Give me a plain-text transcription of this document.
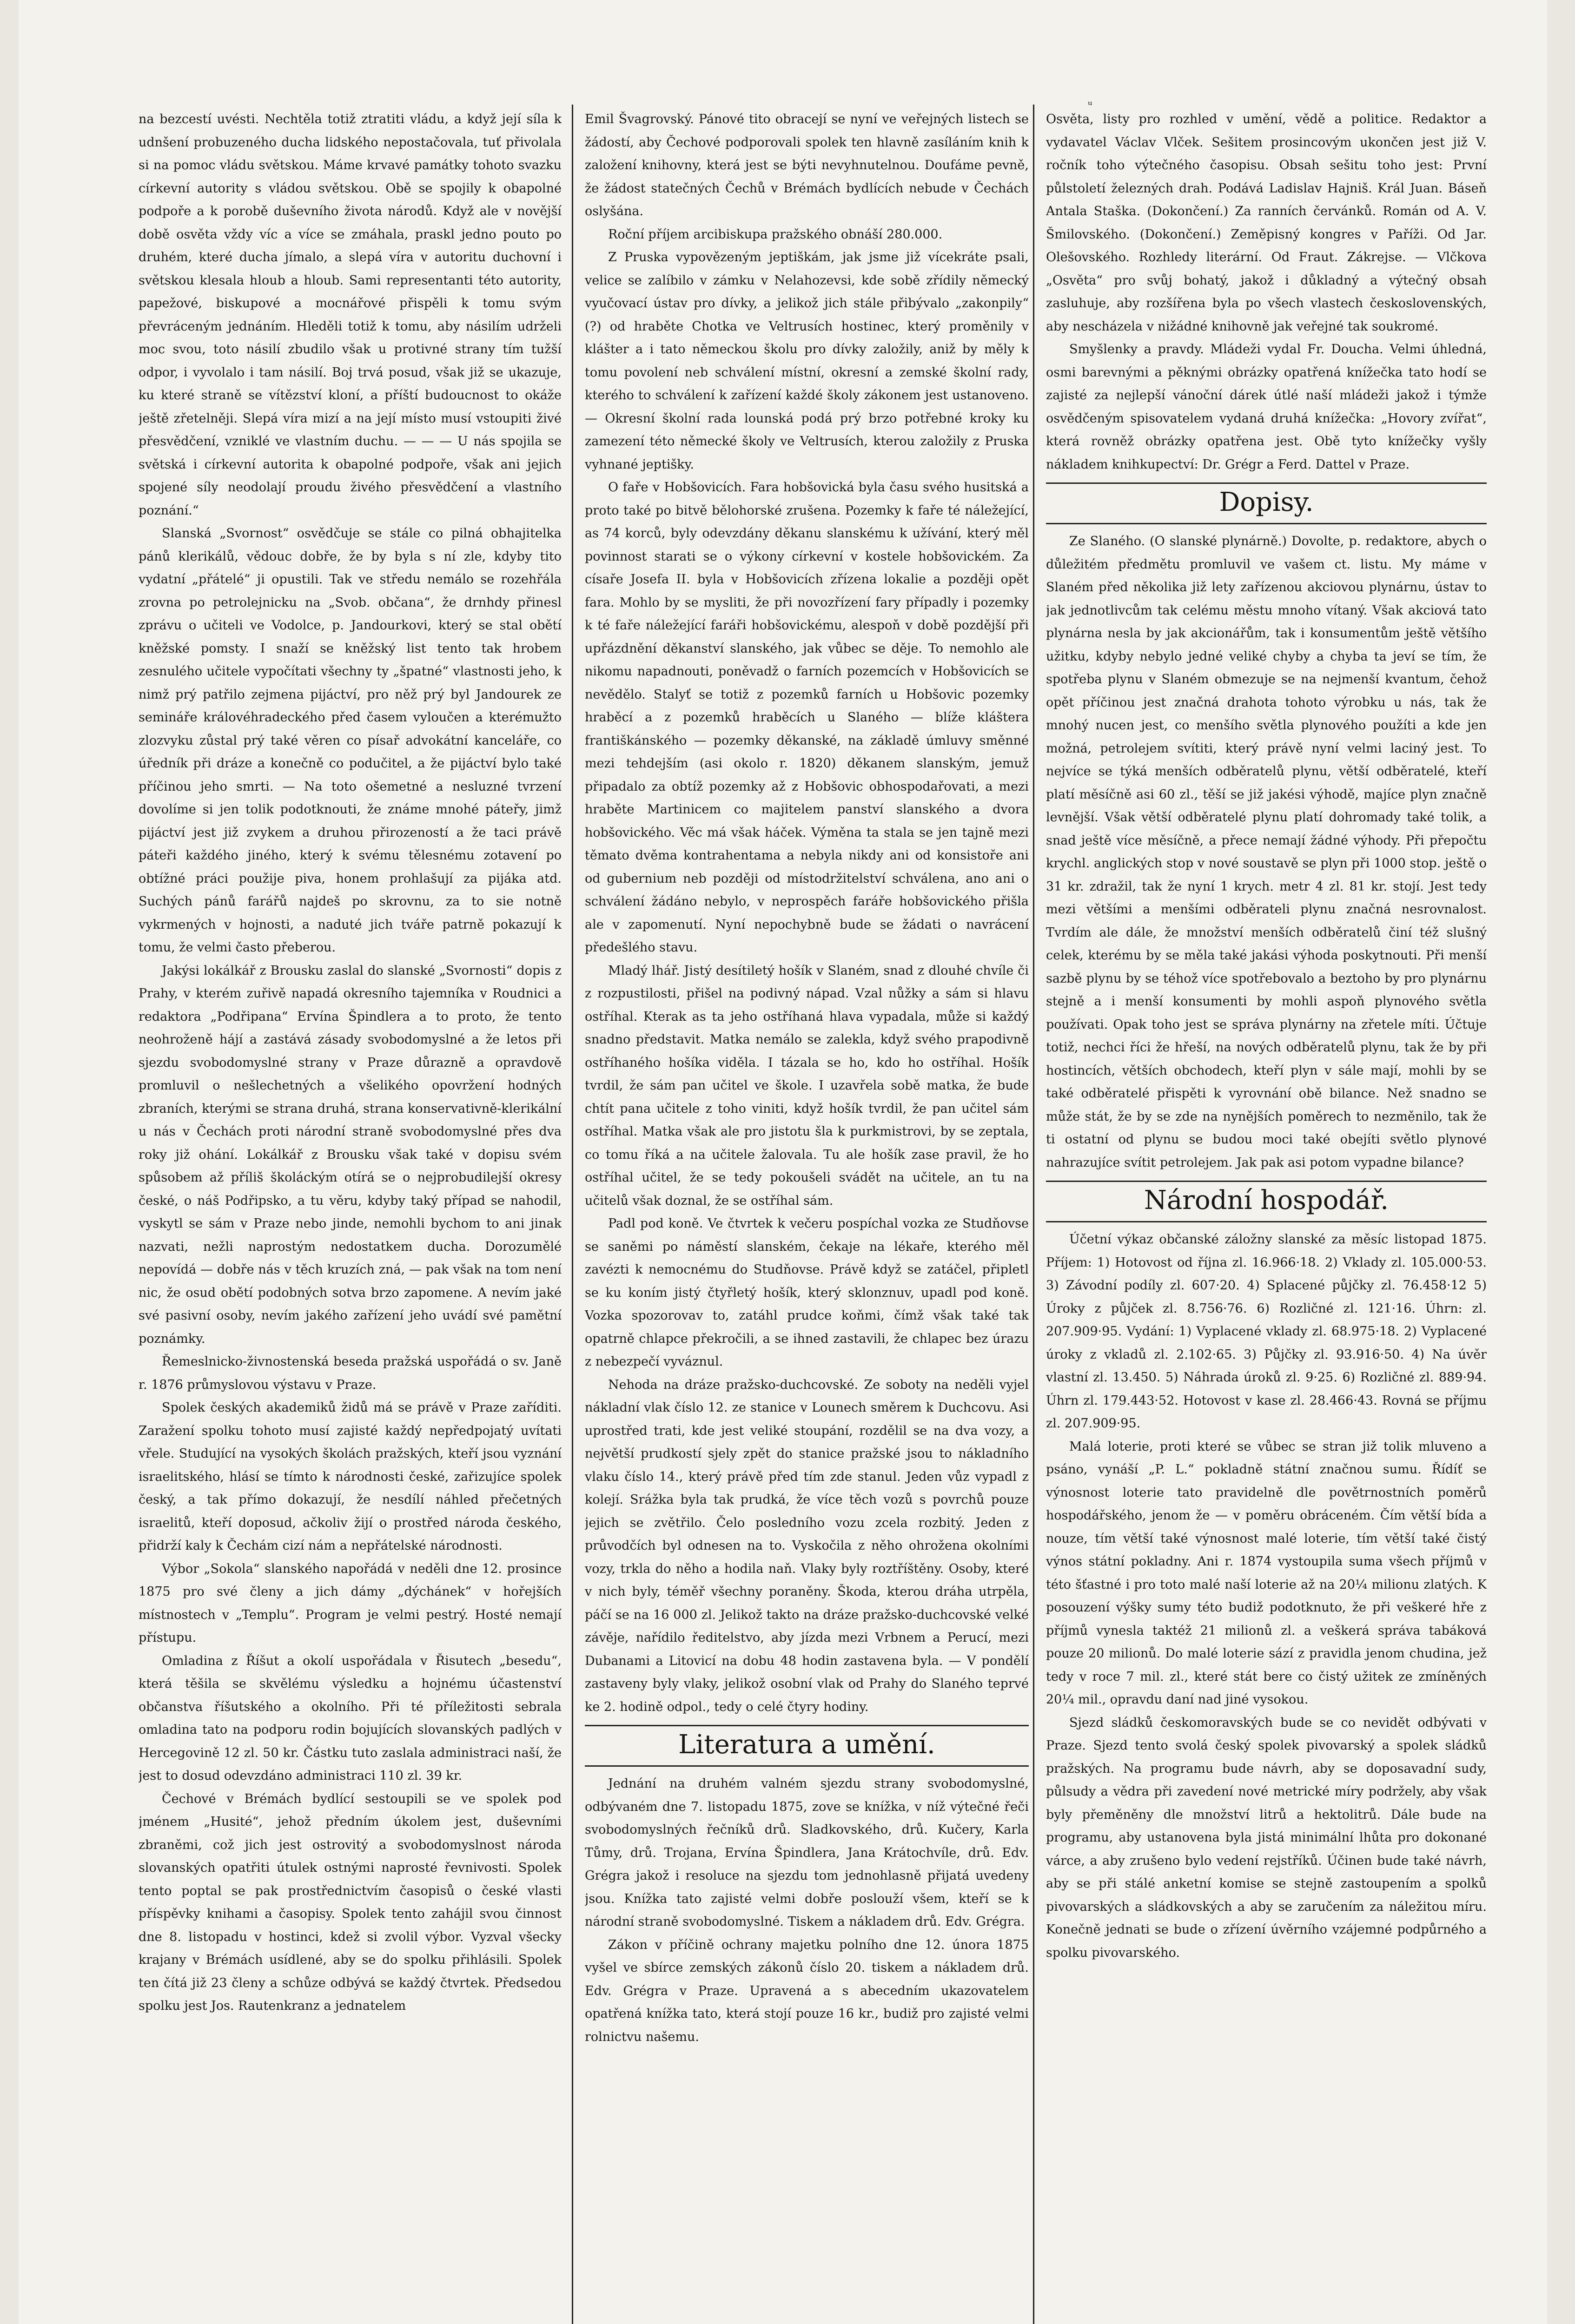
ᵤ

na bezcestí uvésti. Nechtěla totiž ztratiti vládu, a když její síla k udnšení probuzeného ducha lidského nepostačovala, tuť přivolala si na pomoc vládu světskou. Máme krvavé památky tohoto svazku církevní autority s vládou světskou. Obě se spojily k obapolné podpoře a k porobě duševního života národů. Když ale v novější době osvěta vždy víc a více se zmáhala, praskl jedno pouto po druhém, které ducha jímalo, a slepá víra v autoritu duchovní i světskou klesala hloub a hloub. Sami representanti této autority, papežové, biskupové a mocnářové přispěli k tomu svým převráceným jednáním. Hleděli totiž k tomu, aby násilím udrželi moc svou, toto násilí zbudilo však u protivné strany tím tužší odpor, i vyvolalo i tam násilí. Boj trvá posud, však již se ukazuje, ku které straně se vítězství kloní, a příští budoucnost to okáže ještě zřetelněji. Slepá víra mizí a na její místo musí vstoupiti živé přesvědčení, vzniklé ve vlastním duchu. — — — U nás spojila se světská i církevní autorita k obapolné podpoře, však ani jejich spojené síly neodolají proudu živého přesvědčení a vlastního poznání.“

Slanská „Svornost“ osvědčuje se stále co pilná obhajitelka pánů klerikálů, vědouc dobře, že by byla s ní zle, kdyby tito vydatní „přátelé“ ji opustili. Tak ve středu nemálo se rozehřála zrovna po petrolejnicku na „Svob. občana“, že drnhdy přinesl zprávu o učiteli ve Vodolce, p. Jandourkovi, který se stal obětí kněžské pomsty. I snaží se kněžský list tento tak hrobem zesnulého učitele vypočítati všechny ty „špatné“ vlastnosti jeho, k nimž prý patřilo zejmena pijáctví, pro něž prý byl Jandourek ze semináře královéhradeckého před časem vyloučen a kterémužto zlozvyku zůstal prý také věren co písař advokátní kanceláře, co úředník při dráze a konečně co podučitel, a že pijáctví bylo také příčinou jeho smrti. — Na toto ošemetné a nesluzné tvrzení dovolíme si jen tolik podotknouti, že známe mnohé páteřy, jimž pijáctví jest již zvykem a druhou přirozeností a že taci právě páteři každého jiného, který k svému tělesnému zotavení po obtížné práci použije piva, honem prohlašují za pijáka atd. Suchých pánů farářů najdeš po skrovnu, za to sie notně vykrmených v hojnosti, a naduté jich tváře patrně pokazují k tomu, že velmi často přeberou.

Jakýsi lokálkář z Brousku zaslal do slanské „Svornosti“ dopis z Prahy, v kterém zuřivě napadá okresního tajemníka v Roudnici a redaktora „Podřipana“ Ervína Špindlera a to proto, že tento neohroženě hájí a zastává zásady svobodomyslné a že letos při sjezdu svobodomyslné strany v Praze důrazně a opravdově promluvil o nešlechetných a všelikého opovržení hodných zbraních, kterými se strana druhá, strana konservativně-klerikální u nás v Čechách proti národní straně svobodomyslné přes dva roky již ohání. Lokálkář z Brousku však také v dopisu svém spůsobem až příliš školáckým otírá se o nejprobudilejší okresy české, o náš Podřipsko, a tu věru, kdyby taký případ se nahodil, vyskytl se sám v Praze nebo jinde, nemohli bychom to ani jinak nazvati, nežli naprostým nedostatkem ducha. Dorozumělé nepovídá — dobře nás v těch kruzích zná, — pak však na tom není nic, že osud obětí podobných sotva brzo zapomene. A nevím jaké své pasivní osoby, nevím jakého zařízení jeho uvádí své pamětní poznámky.

Řemeslnicko-živnostenská beseda pražská uspořádá o sv. Janě r. 1876 průmyslovou výstavu v Praze.

Spolek českých akademiků židů má se právě v Praze zaříditi. Zaražení spolku tohoto musí zajisté každý nepředpojatý uvítati vřele. Studující na vysokých školách pražských, kteří jsou vyznání israelitského, hlásí se tímto k národnosti české, zařizujíce spolek český, a tak přímo dokazují, že nesdílí náhled přečetných israelitů, kteří doposud, ačkoliv žijí o prostřed národa českého, přidrží kaly k Čechám cizí nám a nepřátelské národnosti.

Výbor „Sokola“ slanského napořádá v neděli dne 12. prosince 1875 pro své členy a jich dámy „dýchánek“ v hořejších místnostech v „Templu“. Program je velmi pestrý. Hosté nemají přístupu.

Omladina z Říšut a okolí uspořádala v Řisutech „besedu“, která těšila se skvělému výsledku a hojnému účastenství občanstva říšutského a okolního. Při té příležitosti sebrala omladina tato na podporu rodin bojujících slovanských padlých v Hercegovině 12 zl. 50 kr. Částku tuto zaslala administraci naší, že jest to dosud odevzdáno administraci 110 zl. 39 kr.

Čechové v Brémách bydlící sestoupili se ve spolek pod jménem „Husité“, jehož předním úkolem jest, duševními zbraněmi, což jich jest ostrovitý a svobodomyslnost národa slovanských opatřiti útulek ostnými naprosté řevnivosti. Spolek tento poptal se pak prostřednictvím časopisů o české vlasti příspěvky knihami a časopisy. Spolek tento zahájil svou činnost dne 8. listopadu v hostinci, kdež si zvolil výbor. Vyzval všecky krajany v Brémách usídlené, aby se do spolku přihlásili. Spolek ten čítá již 23 členy a schůze odbývá se každý čtvrtek. Předsedou spolku jest Jos. Rautenkranz a jednatelem

Emil Švagrovský. Pánové tito obracejí se nyní ve veřejných listech se žádostí, aby Čechové podporovali spolek ten hlavně zasíláním knih k založení knihovny, která jest se býti nevyhnutelnou. Doufáme pevně, že žádost statečných Čechů v Brémách bydlících nebude v Čechách oslyšána.

Roční příjem arcibiskupa pražského obnáší 280.000.

Z Pruska vypovězeným jeptiškám, jak jsme již vícekráte psali, velice se zalíbilo v zámku v Nelahozevsi, kde sobě zřídily německý vyučovací ústav pro dívky, a jelikož jich stále přibývalo „zakonpily“ (?) od hraběte Chotka ve Veltrusích hostinec, který proměnily v klášter a i tato německou školu pro dívky založily, aniž by měly k tomu povolení neb schválení místní, okresní a zemské školní rady, kterého to schválení k zařízení každé školy zákonem jest ustanoveno. — Okresní školní rada lounská podá prý brzo potřebné kroky ku zamezení této německé školy ve Veltrusích, kterou založily z Pruska vyhnané jeptišky.

O faře v Hobšovicích. Fara hobšovická byla času svého husitská a proto také po bitvě bělohorské zrušena. Pozemky k faře té náležející, as 74 korců, byly odevzdány děkanu slanskému k užívání, který měl povinnost starati se o výkony církevní v kostele hobšovickém. Za císaře Josefa II. byla v Hobšovicích zřízena lokalie a později opět fara. Mohlo by se mysliti, že při novozřízení fary případly i pozemky k té faře náležející faráři hobšovickému, alespoň v době pozdější při upřázdnění děkanství slanského, jak vůbec se děje. To nemohlo ale nikomu napadnouti, poněvadž o farních pozemcích v Hobšovicích se nevědělo. Stalyť se totiž z pozemků farních u Hobšovic pozemky hraběcí a z pozemků hraběcích u Slaného — blíže kláštera františkánského — pozemky děkanské, na základě úmluvy směnné mezi tehdejším (asi okolo r. 1820) děkanem slanským, jemuž připadalo za obtíž pozemky až z Hobšovic obhospodařovati, a mezi hraběte Martinicem co majitelem panství slanského a dvora hobšovického. Věc má však háček. Výměna ta stala se jen tajně mezi těmato dvěma kontrahentama a nebyla nikdy ani od konsistoře ani od gubernium neb později od místodržitelství schválena, ano ani o schválení žádáno nebylo, v neprospěch faráře hobšovického přišla ale v zapomenutí. Nyní nepochybně bude se žádati o navrácení předešlého stavu.

Mladý lhář. Jistý desítiletý hošík v Slaném, snad z dlouhé chvíle či z rozpustilosti, přišel na podivný nápad. Vzal nůžky a sám si hlavu ostříhal. Kterak as ta jeho ostříhaná hlava vypadala, může si každý snadno představit. Matka nemálo se zalekla, když svého prapodivně ostříhaného hošíka viděla. I tázala se ho, kdo ho ostříhal. Hošík tvrdil, že sám pan učitel ve škole. I uzavřela sobě matka, že bude chtít pana učitele z toho viniti, když hošík tvrdil, že pan učitel sám ostříhal. Matka však ale pro jistotu šla k purkmistrovi, by se zeptala, co tomu říká a na učitele žalovala. Tu ale hošík zase pravil, že ho ostříhal učitel, že se tedy pokoušeli svádět na učitele, an tu na učitelů však doznal, že se ostříhal sám.

Padl pod koně. Ve čtvrtek k večeru pospíchal vozka ze Studňovse se saněmi po náměstí slanském, čekaje na lékaře, kterého měl zavézti k nemocnému do Studňovse. Právě když se zatáčel, připletl se ku koním jistý čtyřletý hošík, který sklonznuv, upadl pod koně. Vozka spozorovav to, zatáhl prudce koňmi, čímž však také tak opatrně chlapce překročili, a se ihned zastavili, že chlapec bez úrazu z nebezpečí vyváznul.

Nehoda na dráze pražsko-duchcovské. Ze soboty na neděli vyjel nákladní vlak číslo 12. ze stanice v Lounech směrem k Duchcovu. Asi uprostřed trati, kde jest veliké stoupání, rozdělil se na dva vozy, a největší prudkostí sjely zpět do stanice pražské jsou to nákladního vlaku číslo 14., který právě před tím zde stanul. Jeden vůz vypadl z kolejí. Srážka byla tak prudká, že více těch vozů s povrchů pouze jejich se zvětřilo. Čelo posledního vozu zcela rozbitý. Jeden z průvodčích byl odnesen na to. Vyskočila z něho ohrožena okolními vozy, trkla do něho a hodila naň. Vlaky byly roztříštěny. Osoby, které v nich byly, téměř všechny poraněny. Škoda, kterou dráha utrpěla, páčí se na 16 000 zl. Jelikož takto na dráze pražsko-duchcovské velké závěje, nařídilo ředitelstvo, aby jízda mezi Vrbnem a Perucí, mezi Dubanami a Litovicí na dobu 48 hodin zastavena byla. — V pondělí zastaveny byly vlaky, jelikož osobní vlak od Prahy do Slaného teprvé ke 2. hodině odpol., tedy o celé čtyry hodiny.

Literatura a umění.

Jednání na druhém valném sjezdu strany svobodomyslné, odbývaném dne 7. listopadu 1875, zove se knížka, v níž výtečné řeči svobodomyslných řečníků drů. Sladkovského, drů. Kučery, Karla Tůmy, drů. Trojana, Ervína Špindlera, Jana Krátochvíle, drů. Edv. Grégra jakož i resoluce na sjezdu tom jednohlasně přijatá uvedeny jsou. Knížka tato zajisté velmi dobře poslouží všem, kteří se k národní straně svobodomyslné. Tiskem a nákladem drů. Edv. Grégra.

Zákon v příčině ochrany majetku polního dne 12. února 1875 vyšel ve sbírce zemských zákonů číslo 20. tiskem a nákladem drů. Edv. Grégra v Praze. Upravená a s abecedním ukazovatelem opatřená knížka tato, která stojí pouze 16 kr., budiž pro zajisté velmi rolnictvu našemu.

Osvěta, listy pro rozhled v umění, vědě a politice. Redaktor a vydavatel Václav Vlček. Sešitem prosincovým ukončen jest již V. ročník toho výtečného časopisu. Obsah sešitu toho jest: První půlstoletí železných drah. Podává Ladislav Hajniš. Král Juan. Báseň Antala Staška. (Dokončení.) Za ranních červánků. Román od A. V. Šmilovského. (Dokončení.) Zeměpisný kongres v Paříži. Od Jar. Olešovského. Rozhledy literární. Od Fraut. Zákrejse. — Vlčkova „Osvěta“ pro svůj bohatý, jakož i důkladný a výtečný obsah zasluhuje, aby rozšířena byla po všech vlastech československých, aby nescházela v nižádné knihovně jak veřejné tak soukromé.

Smyšlenky a pravdy. Mládeži vydal Fr. Doucha. Velmi úhledná, osmi barevnými a pěknými obrázky opatřená knížečka tato hodí se zajisté za nejlepší vánoční dárek útlé naší mládeži jakož i týmže osvědčeným spisovatelem vydaná druhá knížečka: „Hovory zvířat“, která rovněž obrázky opatřena jest. Obě tyto knížečky vyšly nákladem knihkupectví: Dr. Grégr a Ferd. Dattel v Praze.

Dopisy.

Ze Slaného. (O slanské plynárně.) Dovolte, p. redaktore, abych o důležitém předmětu promluvil ve vašem ct. listu. My máme v Slaném před několika již lety zařízenou akciovou plynárnu, ústav to jak jednotlivcům tak celému městu mnoho vítaný. Však akciová tato plynárna nesla by jak akcionářům, tak i konsumentům ještě většího užitku, kdyby nebylo jedné veliké chyby a chyba ta jeví se tím, že spotřeba plynu v Slaném obmezuje se na nejmenší kvantum, čehož opět příčinou jest značná drahota tohoto výrobku u nás, tak že mnohý nucen jest, co menšího světla plynového použíti a kde jen možná, petrolejem svítiti, který právě nyní velmi laciný jest. To nejvíce se týká menších odběratelů plynu, větší odběratelé, kteří platí měsíčně asi 60 zl., těší se již jakési výhodě, majíce plyn značně levnější. Však větší odběratelé plynu platí dohromady také tolik, a snad ještě více měsíčně, a přece nemají žádné výhody. Při přepočtu krychl. anglických stop v nové soustavě se plyn při 1000 stop. ještě o 31 kr. zdražil, tak že nyní 1 krych. metr 4 zl. 81 kr. stojí. Jest tedy mezi většími a menšími odběrateli plynu značná nesrovnalost. Tvrdím ale dále, že množství menších odběratelů činí též slušný celek, kterému by se měla také jakási výhoda poskytnouti. Při menší sazbě plynu by se téhož více spotřebovalo a beztoho by pro plynárnu stejně a i menší konsumenti by mohli aspoň plynového světla používati. Opak toho jest se správa plynárny na zřetele míti. Účtuje totiž, nechci říci že hřeší, na nových odběratelů plynu, tak že by při hostincích, větších obchodech, kteří plyn v sále mají, mohli by se také odběratelé přispěti k vyrovnání obě bilance. Než snadno se může stát, že by se zde na nynějších poměrech to nezměnilo, tak že ti ostatní od plynu se budou moci také obejíti světlo plynové nahrazujíce svítit petrolejem. Jak pak asi potom vypadne bilance?

Národní hospodář.

Účetní výkaz občanské záložny slanské za měsíc listopad 1875. Příjem: 1) Hotovost od října zl. 16.966·18. 2) Vklady zl. 105.000·53. 3) Závodní podíly zl. 607·20. 4) Splacené půjčky zl. 76.458·12 5) Úroky z půjček zl. 8.756·76. 6) Rozličné zl. 121·16. Úhrn: zl. 207.909·95. Vydání: 1) Vyplacené vklady zl. 68.975·18. 2) Vyplacené úroky z vkladů zl. 2.102·65. 3) Půjčky zl. 93.916·50. 4) Na úvěr vlastní zl. 13.450. 5) Náhrada úroků zl. 9·25. 6) Rozličné zl. 889·94. Úhrn zl. 179.443·52. Hotovost v kase zl. 28.466·43. Rovná se příjmu zl. 207.909·95.

Malá loterie, proti které se vůbec se stran již tolik mluveno a psáno, vynáší „P. L.“ pokladně státní značnou sumu. Řídíť se výnosnost loterie tato pravidelně dle povětrnostních poměrů hospodářského, jenom že — v poměru obráceném. Čím větší bída a nouze, tím větší také výnosnost malé loterie, tím větší také čistý výnos státní pokladny. Ani r. 1874 vystoupila suma všech příjmů v této šťastné i pro toto malé naší loterie až na 20¼ milionu zlatých. K posouzení výšky sumy této budiž podotknuto, že při veškeré hře z příjmů vynesla taktéž 21 milionů zl. a veškerá správa tabáková pouze 20 milionů. Do malé loterie sází z pravidla jenom chudina, jež tedy v roce 7 mil. zl., které stát bere co čistý užitek ze zmíněných 20¼ mil., opravdu daní nad jiné vysokou.

Sjezd sládků českomoravských bude se co nevidět odbývati v Praze. Sjezd tento svolá český spolek pivovarský a spolek sládků pražských. Na programu bude návrh, aby se doposavadní sudy, půlsudy a vědra při zavedení nové metrické míry podržely, aby však byly přeměněny dle množství litrů a hektolitrů. Dále bude na programu, aby ustanovena byla jistá minimální lhůta pro dokonané várce, a aby zrušeno bylo vedení rejstříků. Účinen bude také návrh, aby se při stálé anketní komise se stejně zastoupením a spolků pivovarských a sládkovských a aby se zaručením za náležitou míru. Konečně jednati se bude o zřízení úvěrního vzájemné podpůrného a spolku pivovarského.
